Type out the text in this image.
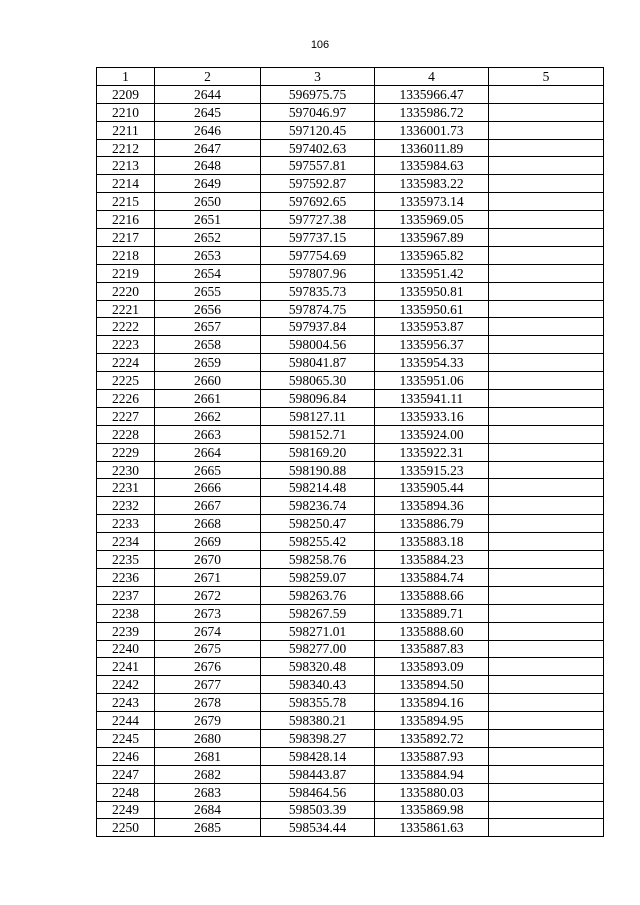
106
1	2	3	4	5
2209	2644	596975.75	1335966.47	
2210	2645	597046.97	1335986.72	
2211	2646	597120.45	1336001.73	
2212	2647	597402.63	1336011.89	
2213	2648	597557.81	1335984.63	
2214	2649	597592.87	1335983.22	
2215	2650	597692.65	1335973.14	
2216	2651	597727.38	1335969.05	
2217	2652	597737.15	1335967.89	
2218	2653	597754.69	1335965.82	
2219	2654	597807.96	1335951.42	
2220	2655	597835.73	1335950.81	
2221	2656	597874.75	1335950.61	
2222	2657	597937.84	1335953.87	
2223	2658	598004.56	1335956.37	
2224	2659	598041.87	1335954.33	
2225	2660	598065.30	1335951.06	
2226	2661	598096.84	1335941.11	
2227	2662	598127.11	1335933.16	
2228	2663	598152.71	1335924.00	
2229	2664	598169.20	1335922.31	
2230	2665	598190.88	1335915.23	
2231	2666	598214.48	1335905.44	
2232	2667	598236.74	1335894.36	
2233	2668	598250.47	1335886.79	
2234	2669	598255.42	1335883.18	
2235	2670	598258.76	1335884.23	
2236	2671	598259.07	1335884.74	
2237	2672	598263.76	1335888.66	
2238	2673	598267.59	1335889.71	
2239	2674	598271.01	1335888.60	
2240	2675	598277.00	1335887.83	
2241	2676	598320.48	1335893.09	
2242	2677	598340.43	1335894.50	
2243	2678	598355.78	1335894.16	
2244	2679	598380.21	1335894.95	
2245	2680	598398.27	1335892.72	
2246	2681	598428.14	1335887.93	
2247	2682	598443.87	1335884.94	
2248	2683	598464.56	1335880.03	
2249	2684	598503.39	1335869.98	
2250	2685	598534.44	1335861.63	
